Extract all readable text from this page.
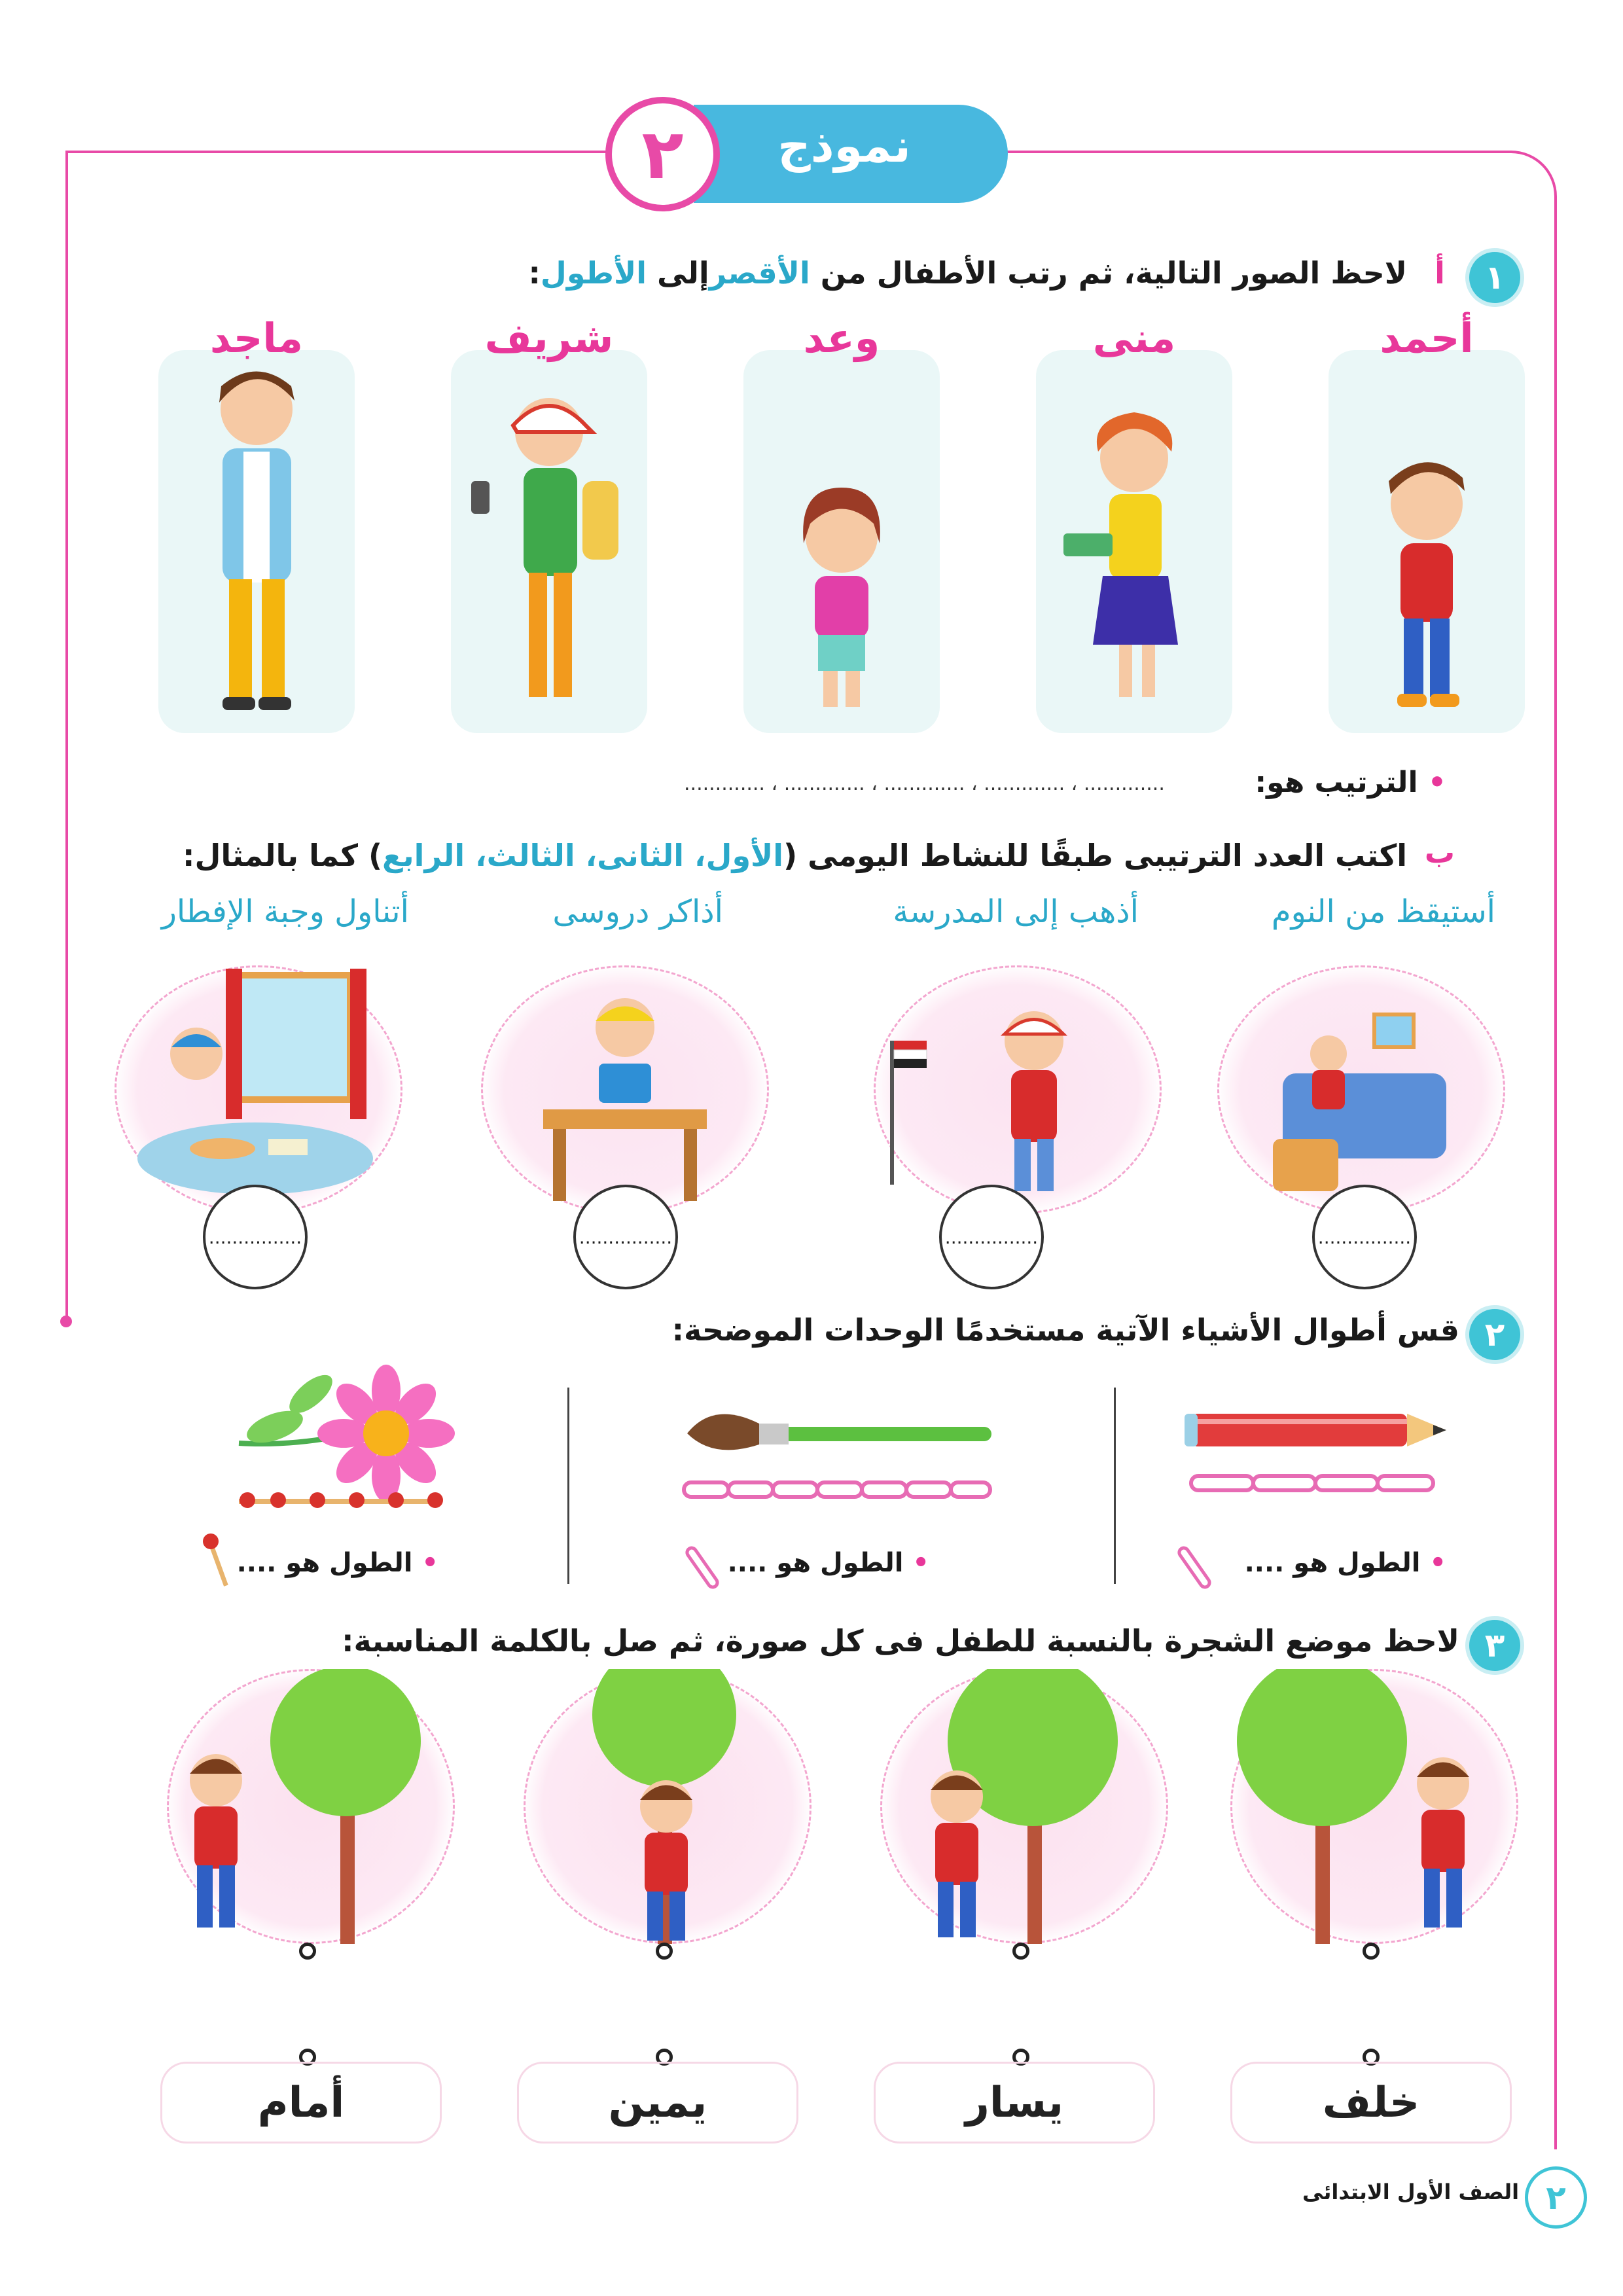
نموذج
٢
١
أ
لاحظ الصور التالية، ثم رتب الأطفال من الأقصرإلى الأطول:
أحمد
منى
وعد
شريف
ماجد
• الترتيب هو:
............. ، ............. ، ............. ، ............. ، .............
ب
اكتب العدد الترتيبى طبقًا للنشاط اليومى (الأول، الثانى، الثالث، الرابع) كما بالمثال:
أستيقظ من النوم
أذهب إلى المدرسة
أذاكر دروسى
أتناول وجبة الإفطار
................
................
................
................
٢
قس أطوال الأشياء الآتية مستخدمًا الوحدات الموضحة:
• الطول هو ....
• الطول هو ....
• الطول هو ....
٣
لاحظ موضع الشجرة بالنسبة للطفل فى كل صورة، ثم صل بالكلمة المناسبة:
خلف
يسار
يمين
أمام
٢
الصف الأول الابتدائى
